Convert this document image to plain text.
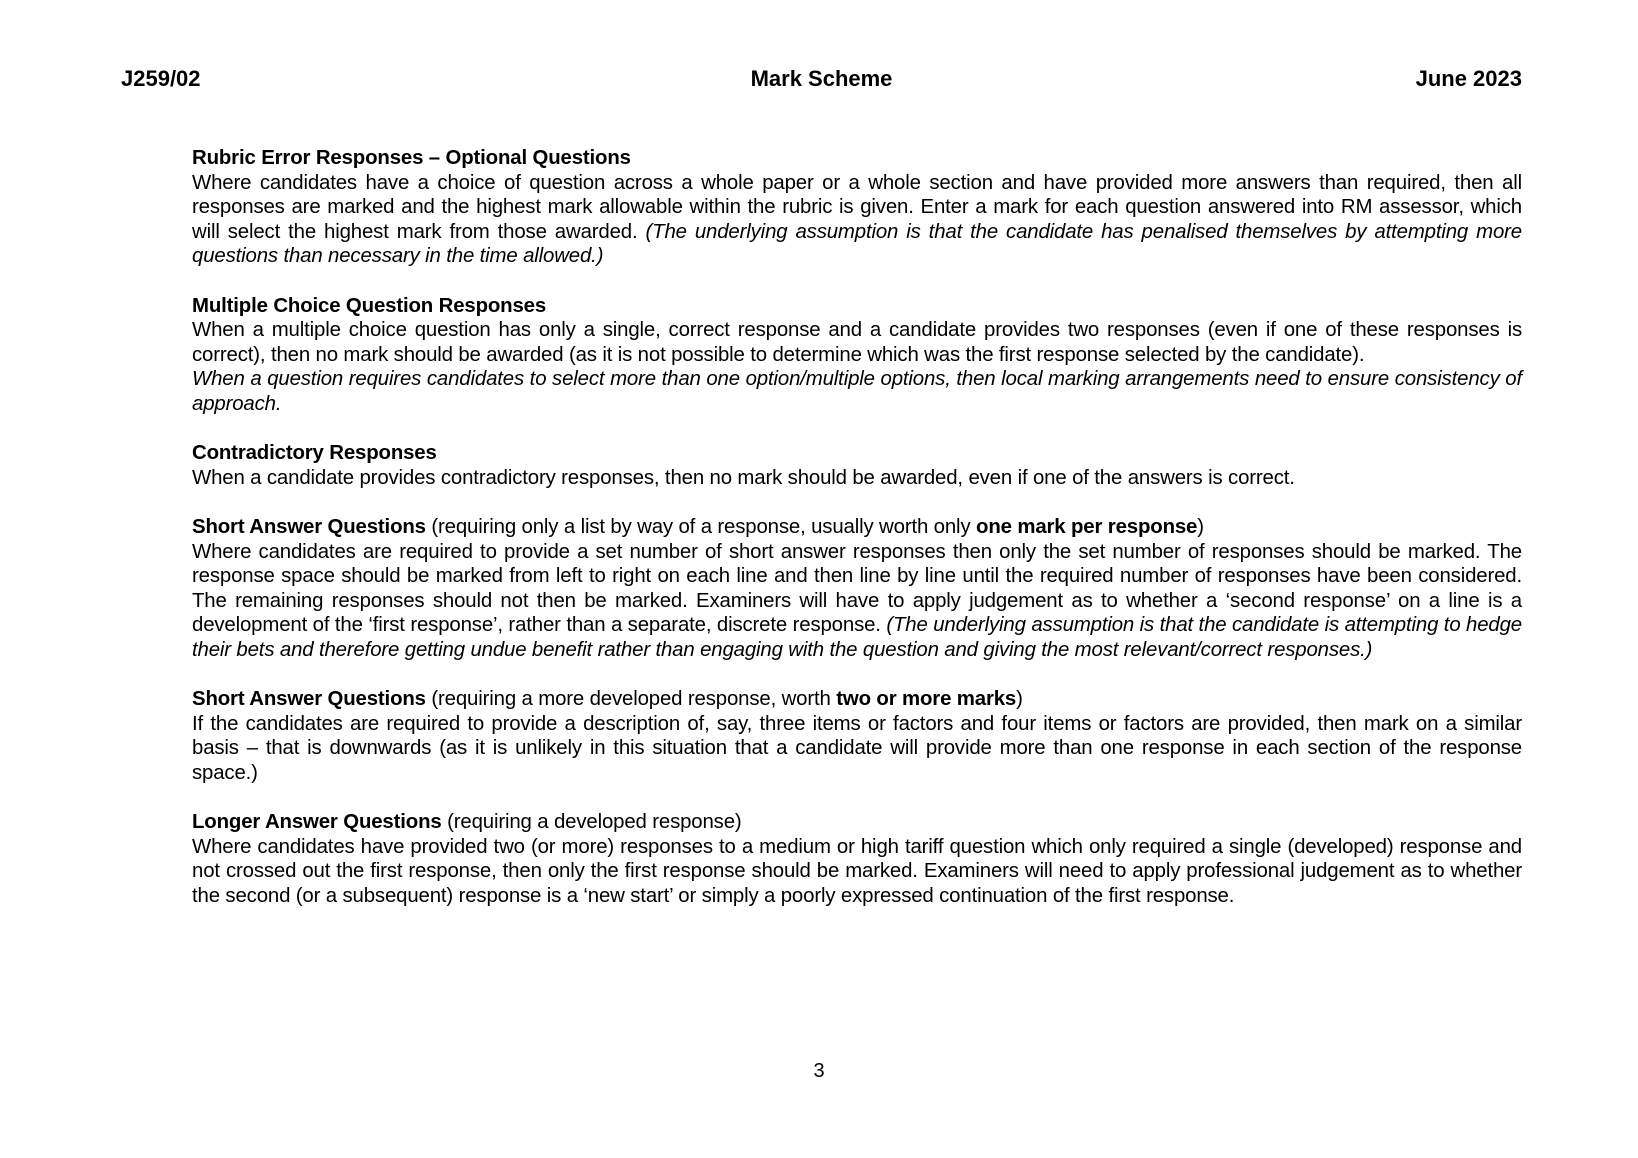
J259/02	Mark Scheme	June 2023

Rubric Error Responses – Optional Questions

Where candidates have a choice of question across a whole paper or a whole section and have provided more answers than required, then all responses are marked and the highest mark allowable within the rubric is given. Enter a mark for each question answered into RM assessor, which will select the highest mark from those awarded. (The underlying assumption is that the candidate has penalised themselves by attempting more questions than necessary in the time allowed.)

Multiple Choice Question Responses

When a multiple choice question has only a single, correct response and a candidate provides two responses (even if one of these responses is correct), then no mark should be awarded (as it is not possible to determine which was the first response selected by the candidate).

When a question requires candidates to select more than one option/multiple options, then local marking arrangements need to ensure consistency of approach.

Contradictory Responses

When a candidate provides contradictory responses, then no mark should be awarded, even if one of the answers is correct.

Short Answer Questions (requiring only a list by way of a response, usually worth only one mark per response)

Where candidates are required to provide a set number of short answer responses then only the set number of responses should be marked. The response space should be marked from left to right on each line and then line by line until the required number of responses have been considered. The remaining responses should not then be marked. Examiners will have to apply judgement as to whether a ‘second response’ on a line is a development of the ‘first response’, rather than a separate, discrete response. (The underlying assumption is that the candidate is attempting to hedge their bets and therefore getting undue benefit rather than engaging with the question and giving the most relevant/correct responses.)

Short Answer Questions (requiring a more developed response, worth two or more marks)

If the candidates are required to provide a description of, say, three items or factors and four items or factors are provided, then mark on a similar basis – that is downwards (as it is unlikely in this situation that a candidate will provide more than one response in each section of the response space.)

Longer Answer Questions (requiring a developed response)

Where candidates have provided two (or more) responses to a medium or high tariff question which only required a single (developed) response and not crossed out the first response, then only the first response should be marked. Examiners will need to apply professional judgement as to whether the second (or a subsequent) response is a ‘new start’ or simply a poorly expressed continuation of the first response.

3
